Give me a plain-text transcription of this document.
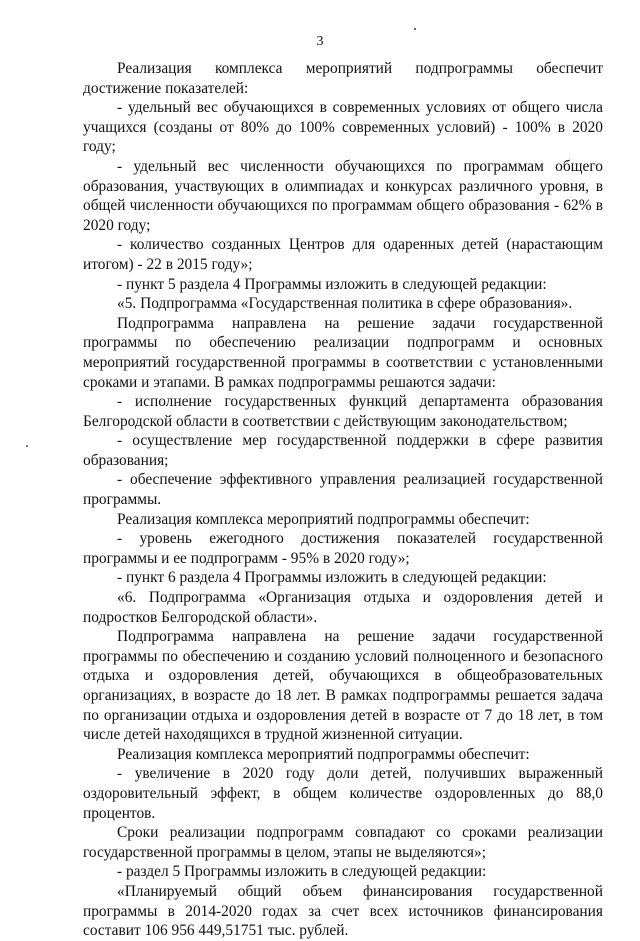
3

Реализация комплекса мероприятий подпрограммы обеспечит достижение показателей:

- удельный вес обучающихся в современных условиях от общего числа учащихся (созданы от 80% до 100% современных условий) - 100% в 2020 году;

- удельный вес численности обучающихся по программам общего образования, участвующих в олимпиадах и конкурсах различного уровня, в общей численности обучающихся по программам общего образования - 62% в 2020 году;

- количество созданных Центров для одаренных детей (нарастающим итогом) - 22 в 2015 году»;

- пункт 5 раздела 4 Программы изложить в следующей редакции:

«5. Подпрограмма «Государственная политика в сфере образования».

Подпрограмма направлена на решение задачи государственной программы по обеспечению реализации подпрограмм и основных мероприятий государственной программы в соответствии с установленными сроками и этапами. В рамках подпрограммы решаются задачи:

- исполнение государственных функций департамента образования Белгородской области в соответствии с действующим законодательством;

- осуществление мер государственной поддержки в сфере развития образования;

- обеспечение эффективного управления реализацией государственной программы.

Реализация комплекса мероприятий подпрограммы обеспечит:

- уровень ежегодного достижения показателей государственной программы и ее подпрограмм - 95% в 2020 году»;

- пункт 6 раздела 4 Программы изложить в следующей редакции:

«6. Подпрограмма «Организация отдыха и оздоровления детей и подростков Белгородской области».

Подпрограмма направлена на решение задачи государственной программы по обеспечению и созданию условий полноценного и безопасного отдыха и оздоровления детей, обучающихся в общеобразовательных организациях, в возрасте до 18 лет. В рамках подпрограммы решается задача по организации отдыха и оздоровления детей в возрасте от 7 до 18 лет, в том числе детей находящихся в трудной жизненной ситуации.

Реализация комплекса мероприятий подпрограммы обеспечит:

- увеличение в 2020 году доли детей, получивших выраженный оздоровительный эффект, в общем количестве оздоровленных до 88,0 процентов.

Сроки реализации подпрограмм совпадают со сроками реализации государственной программы в целом, этапы не выделяются»;

- раздел 5 Программы изложить в следующей редакции:

«Планируемый общий объем финансирования государственной программы в 2014-2020 годах за счет всех источников финансирования составит 106 956 449,51751 тыс. рублей.
